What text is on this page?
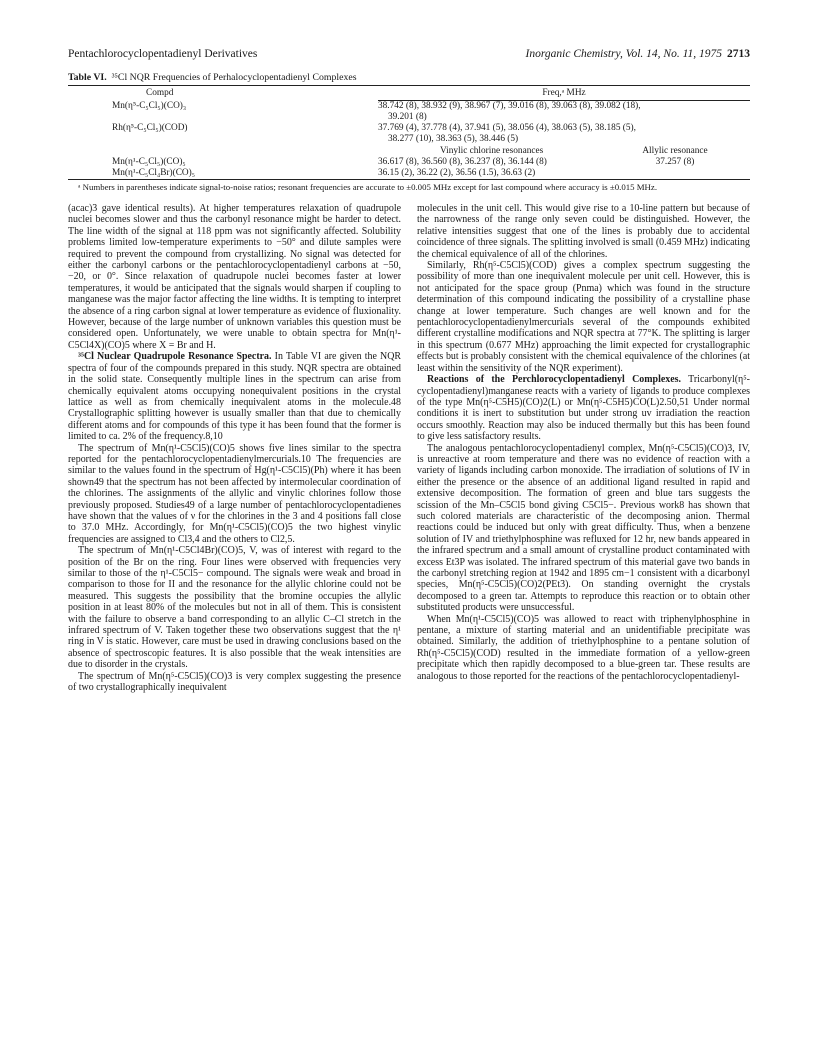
Pentachlorocyclopentadienyl Derivatives	Inorganic Chemistry, Vol. 14, No. 11, 1975 2713
Table VI. ³⁵Cl NQR Frequencies of Perhalocyclopentadienyl Complexes
Compd	Freq,ᵃ MHz	
Mn(η⁵-C₅Cl₅)(CO)₃	38.742 (8), 38.932 (9), 38.967 (7), 39.016 (8), 39.063 (8), 39.082 (18),
39.201 (8)	

Rh(η⁵-C₅Cl₅)(COD)	37.769 (4), 37.778 (4), 37.941 (5), 38.056 (4), 38.063 (5), 38.185 (5),
38.277 (10), 38.363 (5), 38.446 (5)	

	Vinylic chlorine resonances	Allylic resonance
Mn(η¹-C₅Cl₅)(CO)₅	36.617 (8), 36.560 (8), 36.237 (8), 36.144 (8)	37.257 (8)
Mn(η¹-C₅Cl₄Br)(CO)₅	36.15 (2), 36.22 (2), 36.56 (1.5), 36.63 (2)	
ᵃ Numbers in parentheses indicate signal-to-noise ratios; resonant frequencies are accurate to ±0.005 MHz except for last compound where accuracy is ±0.015 MHz.

(acac)3 gave identical results). At higher temperatures relaxation of quadrupole nuclei becomes slower and thus the carbonyl resonance might be harder to detect. The line width of the signal at 118 ppm was not significantly affected. Solubility problems limited low-temperature experiments to −50° and dilute samples were required to prevent the compound from crystallizing. No signal was detected for either the carbonyl carbons or the pentachlorocyclopentadienyl carbons at −50, −20, or 0°. Since relaxation of quadrupole nuclei becomes faster at lower temperatures, it would be anticipated that the signals would sharpen if coupling to manganese was the major factor affecting the line widths. It is tempting to interpret the absence of a ring carbon signal at lower temperature as evidence of fluxionality. However, because of the large number of unknown variables this question must be considered open. Unfortunately, we were unable to obtain spectra for Mn(η¹-C5Cl4X)(CO)5 where X = Br and H.

³⁵Cl Nuclear Quadrupole Resonance Spectra. In Table VI are given the NQR spectra of four of the compounds prepared in this study. NQR spectra are obtained in the solid state. Consequently multiple lines in the spectrum can arise from chemically equivalent atoms occupying nonequivalent positions in the crystal lattice as well as from chemically inequivalent atoms in the molecule.48 Crystallographic splitting however is usually smaller than that due to chemically different atoms and for compounds of this type it has been found that the former is limited to ca. 2% of the frequency.8,10

The spectrum of Mn(η¹-C5Cl5)(CO)5 shows five lines similar to the spectra reported for the pentachlorocyclopentadienylmercurials.10 The frequencies are similar to the values found in the spectrum of Hg(η¹-C5Cl5)(Ph) where it has been shown49 that the spectrum has not been affected by intermolecular coordination of the chlorines. The assignments of the allylic and vinylic chlorines follow those previously proposed. Studies49 of a large number of pentachlorocyclopentadienes have shown that the values of ν for the chlorines in the 3 and 4 positions fall close to 37.0 MHz. Accordingly, for Mn(η¹-C5Cl5)(CO)5 the two highest vinylic frequencies are assigned to Cl3,4 and the others to Cl2,5.

The spectrum of Mn(η¹-C5Cl4Br)(CO)5, V, was of interest with regard to the position of the Br on the ring. Four lines were observed with frequencies very similar to those of the η¹-C5Cl5− compound. The signals were weak and broad in comparison to those for II and the resonance for the allylic chlorine could not be measured. This suggests the possibility that the bromine occupies the allylic position in at least 80% of the molecules but not in all of them. This is consistent with the failure to observe a band corresponding to an allylic C–Cl stretch in the infrared spectrum of V. Taken together these two observations suggest that the η¹ ring in V is static. However, care must be used in drawing conclusions based on the absence of spectroscopic features. It is also possible that the weak intensities are due to disorder in the crystals.

The spectrum of Mn(η⁵-C5Cl5)(CO)3 is very complex suggesting the presence of two crystallographically inequivalent

molecules in the unit cell. This would give rise to a 10-line pattern but because of the narrowness of the range only seven could be distinguished. However, the relative intensities suggest that one of the lines is probably due to accidental coincidence of three signals. The splitting involved is small (0.459 MHz) indicating the chemical equivalence of all of the chlorines.

Similarly, Rh(η⁵-C5Cl5)(COD) gives a complex spectrum suggesting the possibility of more than one inequivalent molecule per unit cell. However, this is not anticipated for the space group (Pnma) which was found in the structure determination of this compound indicating the possibility of a crystalline phase change at lower temperature. Such changes are well known and for the pentachlorocyclopentadienylmercurials several of the compounds exhibited different crystalline modifications and NQR spectra at 77°K. The splitting is larger in this spectrum (0.677 MHz) approaching the limit expected for crystallographic effects but is probably consistent with the chemical equivalence of the chlorines (at least within the sensitivity of the NQR experiment).

Reactions of the Perchlorocyclopentadienyl Complexes. Tricarbonyl(η⁵-cyclopentadienyl)manganese reacts with a variety of ligands to produce complexes of the type Mn(η⁵-C5H5)(CO)2(L) or Mn(η⁵-C5H5)CO(L)2.50,51 Under normal conditions it is inert to substitution but under strong uv irradiation the reaction occurs smoothly. Reaction may also be induced thermally but this has been found to give less satisfactory results.

The analogous pentachlorocyclopentadienyl complex, Mn(η⁵-C5Cl5)(CO)3, IV, is unreactive at room temperature and there was no evidence of reaction with a variety of ligands including carbon monoxide. The irradiation of solutions of IV in either the presence or the absence of an additional ligand resulted in rapid and extensive decomposition. The formation of green and blue tars suggests the scission of the Mn–C5Cl5 bond giving C5Cl5−. Previous work8 has shown that such colored materials are characteristic of the decomposing anion. Thermal reactions could be induced but only with great difficulty. Thus, when a benzene solution of IV and triethylphosphine was refluxed for 12 hr, new bands appeared in the infrared spectrum and a small amount of crystalline product contaminated with excess Et3P was isolated. The infrared spectrum of this material gave two bands in the carbonyl stretching region at 1942 and 1895 cm−1 consistent with a dicarbonyl species, Mn(η⁵-C5Cl5)(CO)2(PEt3). On standing overnight the crystals decomposed to a green tar. Attempts to reproduce this reaction or to obtain other substituted products were unsuccessful.

When Mn(η¹-C5Cl5)(CO)5 was allowed to react with triphenylphosphine in pentane, a mixture of starting material and an unidentifiable precipitate was obtained. Similarly, the addition of triethylphosphine to a pentane solution of Rh(η⁵-C5Cl5)(COD) resulted in the immediate formation of a yellow-green precipitate which then rapidly decomposed to a blue-green tar. These results are analogous to those reported for the reactions of the pentachlorocyclopentadienyl-
